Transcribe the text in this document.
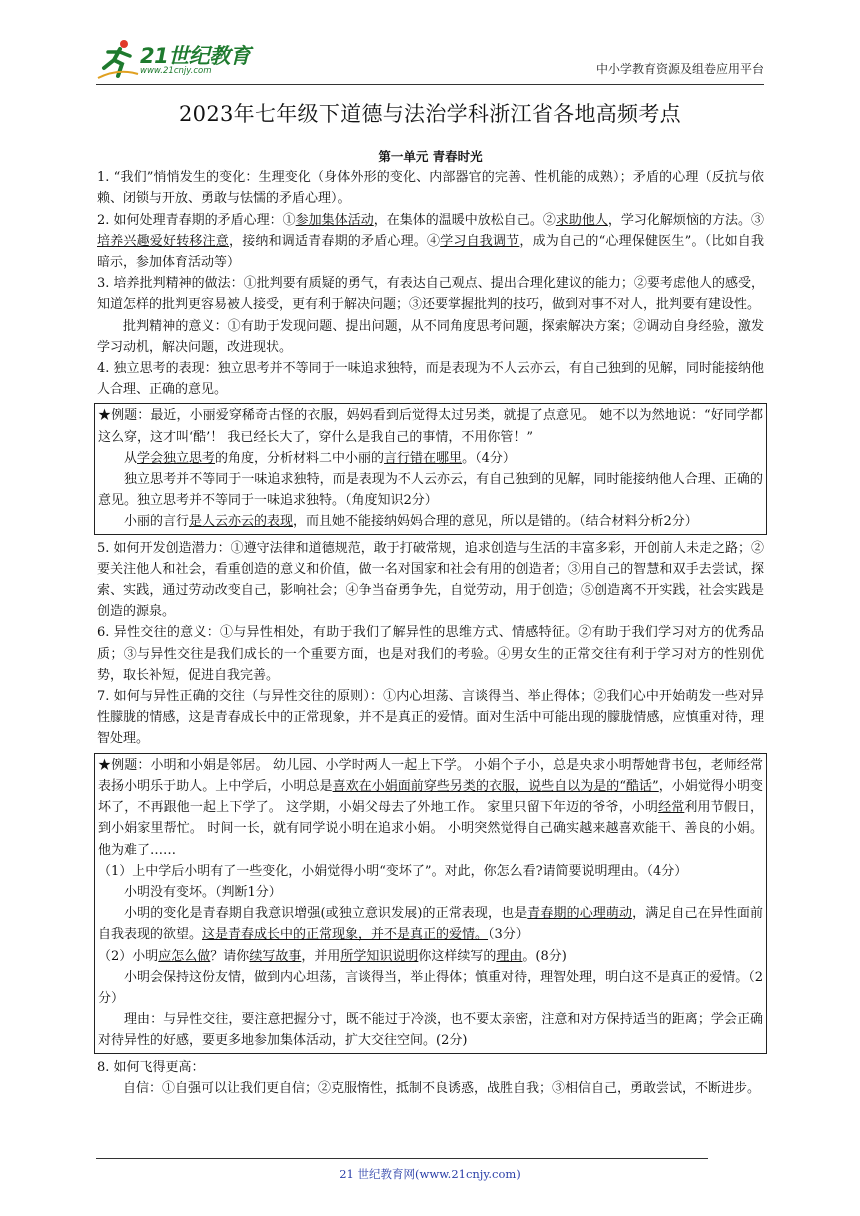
21世纪教育
www.21cnjy.com	中小学教育资源及组卷应用平台
2023年七年级下道德与法治学科浙江省各地高频考点

第一单元 青春时光

1. “我们”悄悄发生的变化：生理变化（身体外形的变化、内部器官的完善、性机能的成熟）；矛盾的心理（反抗与依赖、闭锁与开放、勇敢与怯懦的矛盾心理）。

2. 如何处理青春期的矛盾心理：①参加集体活动，在集体的温暖中放松自己。②求助他人，学习化解烦恼的方法。③培养兴趣爱好转移注意，接纳和调适青春期的矛盾心理。④学习自我调节，成为自己的“心理保健医生”。（比如自我暗示，参加体育活动等）

3. 培养批判精神的做法：①批判要有质疑的勇气，有表达自己观点、提出合理化建议的能力；②要考虑他人的感受，知道怎样的批判更容易被人接受，更有利于解决问题；③还要掌握批判的技巧，做到对事不对人，批判要有建设性。

批判精神的意义：①有助于发现问题、提出问题，从不同角度思考问题，探索解决方案；②调动自身经验，激发学习动机，解决问题，改进现状。

4. 独立思考的表现：独立思考并不等同于一味追求独特，而是表现为不人云亦云，有自己独到的见解，同时能接纳他人合理、正确的意见。

★例题：最近，小丽爱穿稀奇古怪的衣服，妈妈看到后觉得太过另类，就提了点意见。 她不以为然地说：“好同学都这么穿，这才叫‘酷’！ 我已经长大了，穿什么是我自己的事情，不用你管！”

从学会独立思考的角度，分析材料二中小丽的言行错在哪里。（4分）

独立思考并不等同于一味追求独特，而是表现为不人云亦云，有自己独到的见解，同时能接纳他人合理、正确的意见。独立思考并不等同于一味追求独特。（角度知识2分）

小丽的言行是人云亦云的表现，而且她不能接纳妈妈合理的意见，所以是错的。（结合材料分析2分）

5. 如何开发创造潜力：①遵守法律和道德规范，敢于打破常规，追求创造与生活的丰富多彩，开创前人未走之路；②要关注他人和社会，看重创造的意义和价值，做一名对国家和社会有用的创造者；③用自己的智慧和双手去尝试，探索、实践，通过劳动改变自己，影响社会；④争当奋勇争先，自觉劳动，用于创造；⑤创造离不开实践，社会实践是创造的源泉。

6. 异性交往的意义：①与异性相处，有助于我们了解异性的思维方式、情感特征。②有助于我们学习对方的优秀品质；③与异性交往是我们成长的一个重要方面，也是对我们的考验。④男女生的正常交往有利于学习对方的性别优势，取长补短，促进自我完善。

7. 如何与异性正确的交往（与异性交往的原则）：①内心坦荡、言谈得当、举止得体；②我们心中开始萌发一些对异性朦胧的情感，这是青春成长中的正常现象，并不是真正的爱情。面对生活中可能出现的朦胧情感，应慎重对待，理智处理。

★例题：小明和小娟是邻居。 幼儿园、小学时两人一起上下学。 小娟个子小，总是央求小明帮她背书包，老师经常表扬小明乐于助人。上中学后，小明总是喜欢在小娟面前穿些另类的衣服，说些自以为是的“酷话”，小娟觉得小明变坏了，不再跟他一起上下学了。 这学期，小娟父母去了外地工作。 家里只留下年迈的爷爷，小明经常利用节假日，到小娟家里帮忙。 时间一长，就有同学说小明在追求小娟。 小明突然觉得自己确实越来越喜欢能干、善良的小娟。他为难了……

（1）上中学后小明有了一些变化，小娟觉得小明“变坏了”。对此，你怎么看?请简要说明理由。（4分）

小明没有变坏。（判断1分）

小明的变化是青春期自我意识增强(或独立意识发展)的正常表现，也是青春期的心理萌动，满足自己在异性面前自我表现的欲望。这是青春成长中的正常现象，并不是真正的爱情。（3分）

（2）小明应怎么做？请你续写故事，并用所学知识说明你这样续写的理由。(8分)

小明会保持这份友情，做到内心坦荡，言谈得当，举止得体；慎重对待，理智处理，明白这不是真正的爱情。（2分）

理由：与异性交往，要注意把握分寸，既不能过于冷淡，也不要太亲密，注意和对方保持适当的距离；学会正确对待异性的好感，要更多地参加集体活动，扩大交往空间。(2分)

8. 如何飞得更高：

自信：①自强可以让我们更自信；②克服惰性，抵制不良诱惑，战胜自我；③相信自己，勇敢尝试，不断进步。

21 世纪教育网(www.21cnjy.com)
